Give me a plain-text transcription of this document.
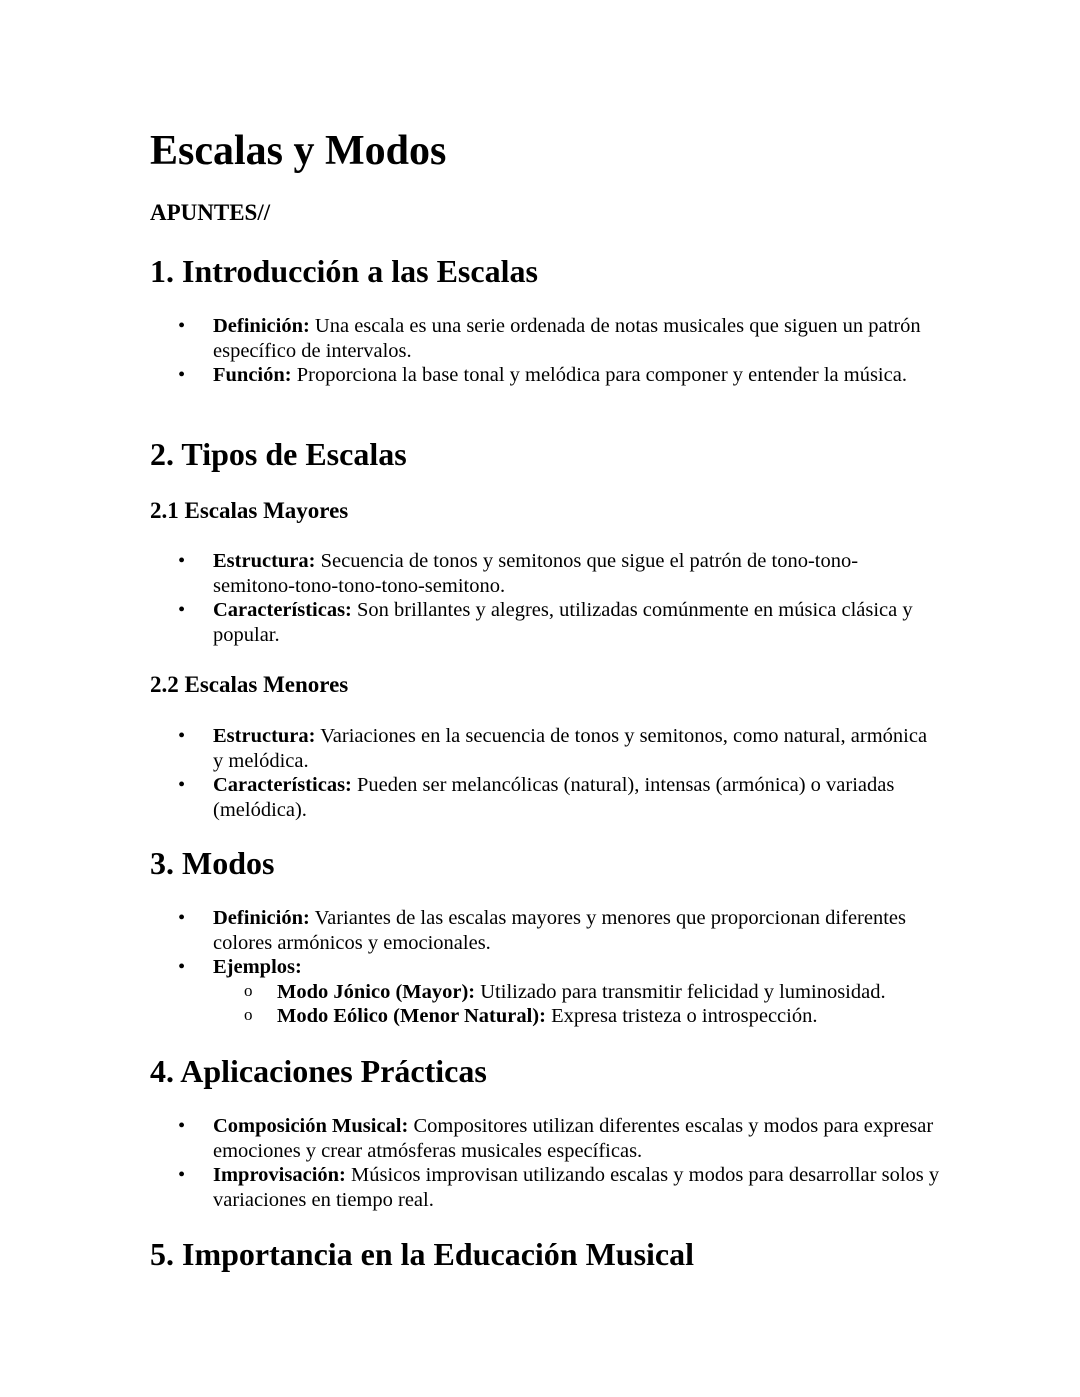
Escalas y Modos

APUNTES//

1. Introducción a las Escalas
• Definición: Una escala es una serie ordenada de notas musicales que siguen un patrón específico de intervalos.
• Función: Proporciona la base tonal y melódica para componer y entender la música.
2. Tipos de Escalas
2.1 Escalas Mayores
• Estructura: Secuencia de tonos y semitonos que sigue el patrón de tono-tono-semitono-tono-tono-tono-semitono.
• Características: Son brillantes y alegres, utilizadas comúnmente en música clásica y popular.
2.2 Escalas Menores
• Estructura: Variaciones en la secuencia de tonos y semitonos, como natural, armónica y melódica.
• Características: Pueden ser melancólicas (natural), intensas (armónica) o variadas (melódica).
3. Modos
• Definición: Variantes de las escalas mayores y menores que proporcionan diferentes colores armónicos y emocionales.
• Ejemplos:
o Modo Jónico (Mayor): Utilizado para transmitir felicidad y luminosidad.
o Modo Eólico (Menor Natural): Expresa tristeza o introspección.
4. Aplicaciones Prácticas
• Composición Musical: Compositores utilizan diferentes escalas y modos para expresar emociones y crear atmósferas musicales específicas.
• Improvisación: Músicos improvisan utilizando escalas y modos para desarrollar solos y variaciones en tiempo real.
5. Importancia en la Educación Musical
